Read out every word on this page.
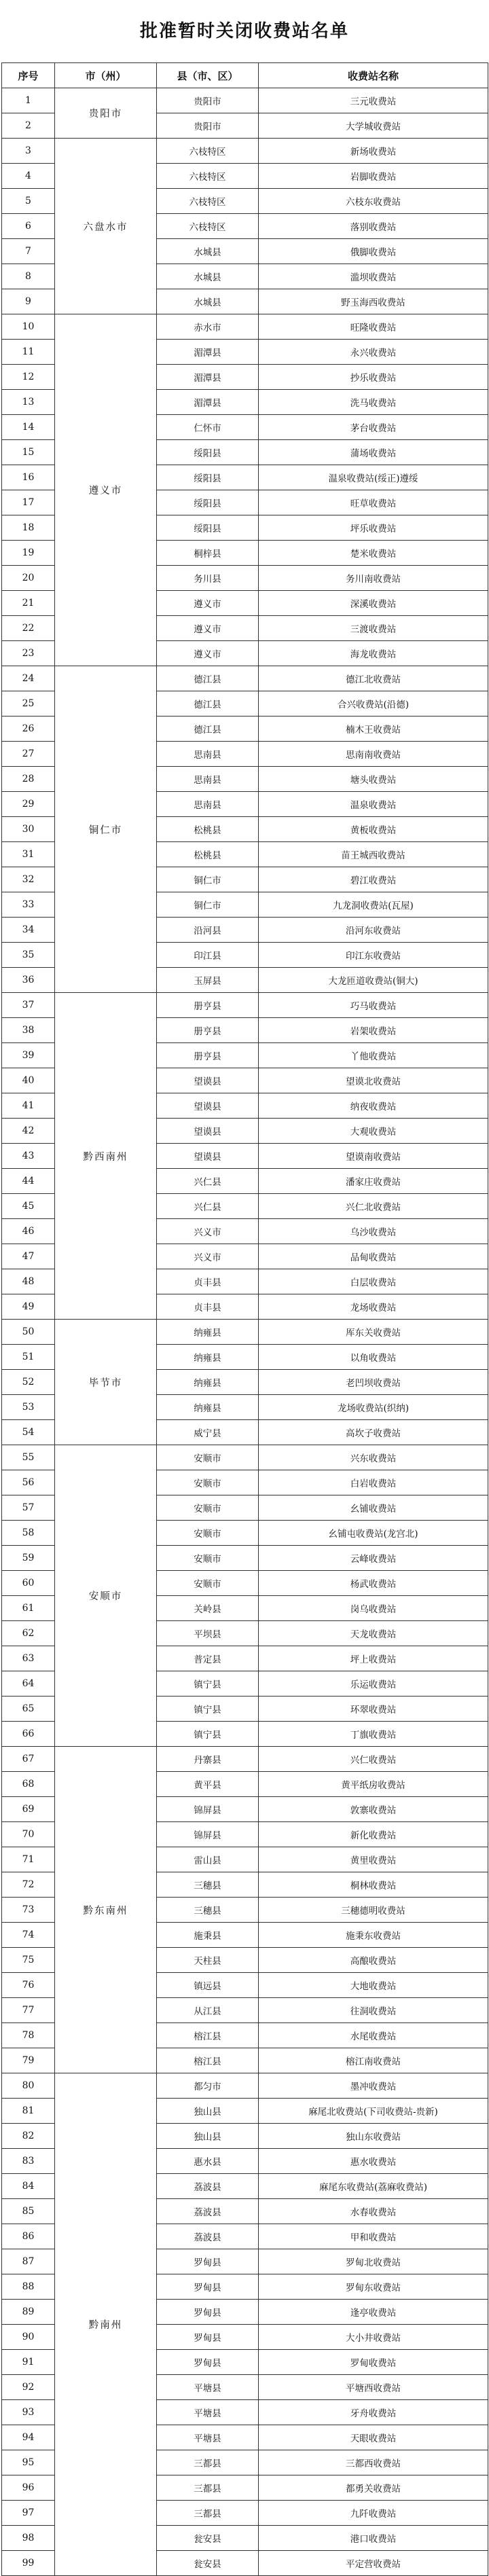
批准暂时关闭收费站名单
序号	市（州）	县（市、区）	收费站名称
1	贵阳市	贵阳市	三元收费站
2		贵阳市	大学城收费站
3	六盘水市	六枝特区	新场收费站
4		六枝特区	岩脚收费站
5		六枝特区	六枝东收费站
6		六枝特区	落别收费站
7		水城县	俄脚收费站
8		水城县	滥坝收费站
9		水城县	野玉海西收费站
10	遵义市	赤水市	旺隆收费站
11		湄潭县	永兴收费站
12		湄潭县	抄乐收费站
13		湄潭县	洗马收费站
14		仁怀市	茅台收费站
15		绥阳县	蒲场收费站
16		绥阳县	温泉收费站(绥正)遵绥
17		绥阳县	旺草收费站
18		绥阳县	坪乐收费站
19		桐梓县	楚米收费站
20		务川县	务川南收费站
21		遵义市	深溪收费站
22		遵义市	三渡收费站
23		遵义市	海龙收费站
24	铜仁市	德江县	德江北收费站
25		德江县	合兴收费站(沿德)
26		德江县	楠木王收费站
27		思南县	思南南收费站
28		思南县	塘头收费站
29		思南县	温泉收费站
30		松桃县	黄板收费站
31		松桃县	苗王城西收费站
32		铜仁市	碧江收费站
33		铜仁市	九龙洞收费站(瓦屋)
34		沿河县	沿河东收费站
35		印江县	印江东收费站
36		玉屏县	大龙匝道收费站(铜大)
37	黔西南州	册亨县	巧马收费站
38		册亨县	岩架收费站
39		册亨县	丫他收费站
40		望谟县	望谟北收费站
41		望谟县	纳夜收费站
42		望谟县	大观收费站
43		望谟县	望谟南收费站
44		兴仁县	潘家庄收费站
45		兴仁县	兴仁北收费站
46		兴义市	乌沙收费站
47		兴义市	品甸收费站
48		贞丰县	白层收费站
49		贞丰县	龙场收费站
50	毕节市	纳雍县	厍东关收费站
51		纳雍县	以角收费站
52		纳雍县	老凹坝收费站
53		纳雍县	龙场收费站(织纳)
54		威宁县	高坎子收费站
55	安顺市	安顺市	兴东收费站
56		安顺市	白岩收费站
57		安顺市	幺铺收费站
58		安顺市	幺铺屯收费站(龙宫北)
59		安顺市	云峰收费站
60		安顺市	杨武收费站
61		关岭县	岗乌收费站
62		平坝县	天龙收费站
63		普定县	坪上收费站
64		镇宁县	乐运收费站
65		镇宁县	环翠收费站
66		镇宁县	丁旗收费站
67	黔东南州	丹寨县	兴仁收费站
68		黄平县	黄平纸房收费站
69		锦屏县	敦寨收费站
70		锦屏县	新化收费站
71		雷山县	黄里收费站
72		三穗县	桐林收费站
73		三穗县	三穗德明收费站
74		施秉县	施秉东收费站
75		天柱县	高酿收费站
76		镇远县	大地收费站
77		从江县	往洞收费站
78		榕江县	水尾收费站
79		榕江县	榕江南收费站
80	黔南州	都匀市	墨冲收费站
81		独山县	麻尾北收费站(下司收费站-贵新)
82		独山县	独山东收费站
83		惠水县	惠水收费站
84		荔波县	麻尾东收费站(荔麻收费站)
85		荔波县	水春收费站
86		荔波县	甲和收费站
87		罗甸县	罗甸北收费站
88		罗甸县	罗甸东收费站
89		罗甸县	逢亭收费站
90		罗甸县	大小井收费站
91		罗甸县	罗甸收费站
92		平塘县	平塘西收费站
93		平塘县	牙舟收费站
94		平塘县	天眼收费站
95		三都县	三都西收费站
96		三都县	都勇关收费站
97		三都县	九阡收费站
98		瓮安县	港口收费站
99		瓮安县	平定营收费站
